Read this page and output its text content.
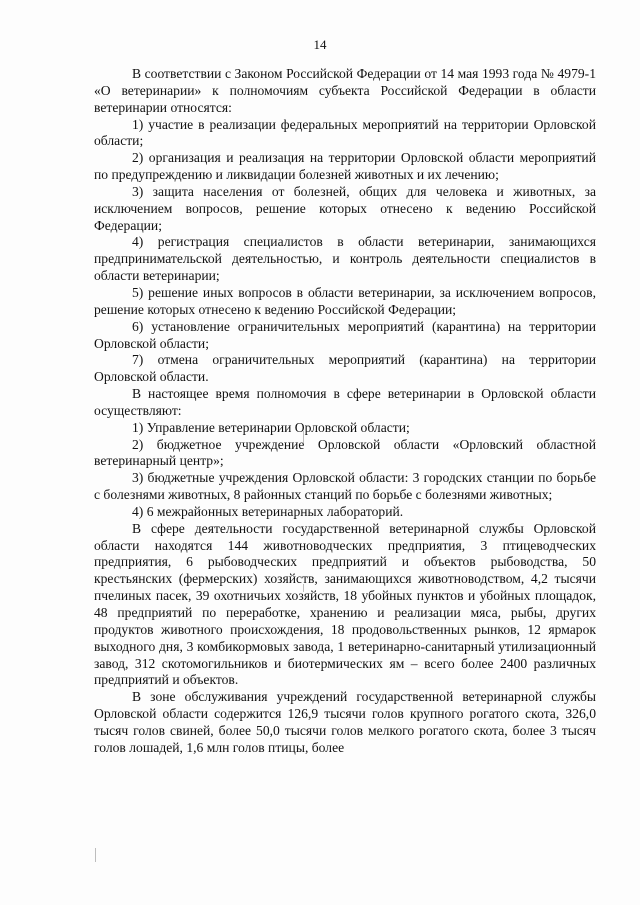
14

В соответствии с Законом Российской Федерации от 14 мая 1993 года № 4979-1 «О ветеринарии» к полномочиям субъекта Российской Федерации в области ветеринарии относятся:

1) участие в реализации федеральных мероприятий на территории Орловской области;

2) организация и реализация на территории Орловской области мероприятий по предупреждению и ликвидации болезней животных и их лечению;

3) защита населения от болезней, общих для человека и животных, за исключением вопросов, решение которых отнесено к ведению Российской Федерации;

4) регистрация специалистов в области ветеринарии, занимающихся предпринимательской деятельностью, и контроль деятельности специалистов в области ветеринарии;

5) решение иных вопросов в области ветеринарии, за исключением вопросов, решение которых отнесено к ведению Российской Федерации;

6) установление ограничительных мероприятий (карантина) на территории Орловской области;

7) отмена ограничительных мероприятий (карантина) на территории Орловской области.

В настоящее время полномочия в сфере ветеринарии в Орловской области осуществляют:

1) Управление ветеринарии Орловской области;

2) бюджетное учреждение Орловской области «Орловский областной ветеринарный центр»;

3) бюджетные учреждения Орловской области: 3 городских станции по борьбе с болезнями животных, 8 районных станций по борьбе с болезнями животных;

4) 6 межрайонных ветеринарных лабораторий.

В сфере деятельности государственной ветеринарной службы Орловской области находятся 144 животноводческих предприятия, 3 птицеводческих предприятия, 6 рыбоводческих предприятий и объектов рыбоводства, 50 крестьянских (фермерских) хозяйств, занимающихся животноводством, 4,2 тысячи пчелиных пасек, 39 охотничьих хозяйств, 18 убойных пунктов и убойных площадок, 48 предприятий по переработке, хранению и реализации мяса, рыбы, других продуктов животного происхождения, 18 продовольственных рынков, 12 ярмарок выходного дня, 3 комбикормовых завода, 1 ветеринарно-санитарный утилизационный завод, 312 скотомогильников и биотермических ям – всего более 2400 различных предприятий и объектов.

В зоне обслуживания учреждений государственной ветеринарной службы Орловской области содержится 126,9 тысячи голов крупного рогатого скота, 326,0 тысяч голов свиней, более 50,0 тысячи голов мелкого рогатого скота, более 3 тысяч голов лошадей, 1,6 млн голов птицы, более
